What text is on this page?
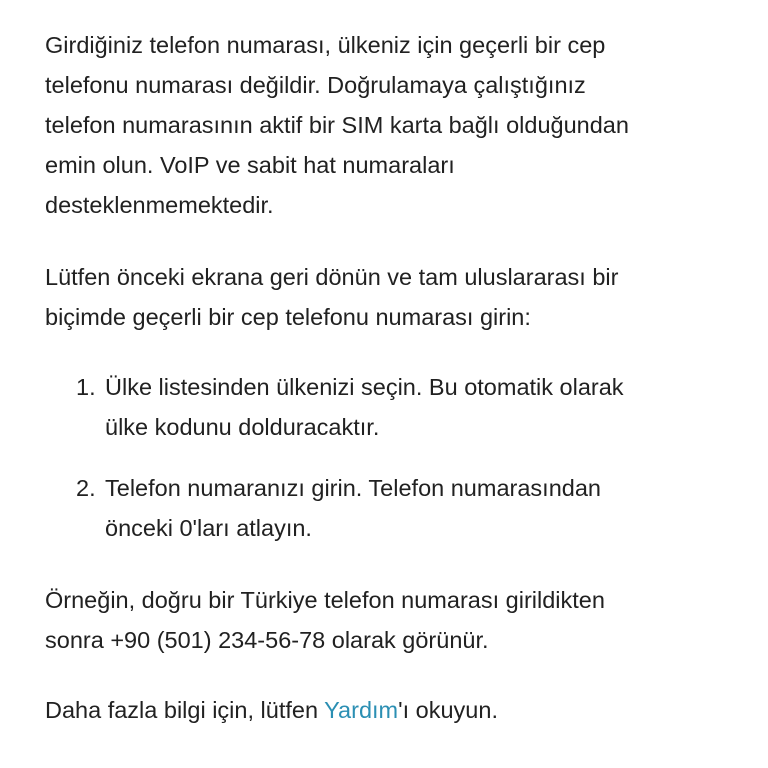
Girdiğiniz telefon numarası, ülkeniz için geçerli bir cep
telefonu numarası değildir. Doğrulamaya çalıştığınız
telefon numarasının aktif bir SIM karta bağlı olduğundan
emin olun. VoIP ve sabit hat numaraları
desteklenmemektedir.

Lütfen önceki ekrana geri dönün ve tam uluslararası bir
biçimde geçerli bir cep telefonu numarası girin:

1. Ülke listesinden ülkenizi seçin. Bu otomatik olarak
ülke kodunu dolduracaktır.
2. Telefon numaranızı girin. Telefon numarasından
önceki 0'ları atlayın.

Örneğin, doğru bir Türkiye telefon numarası girildikten
sonra +90 (501) 234-56-78 olarak görünür.

Daha fazla bilgi için, lütfen Yardım'ı okuyun.
